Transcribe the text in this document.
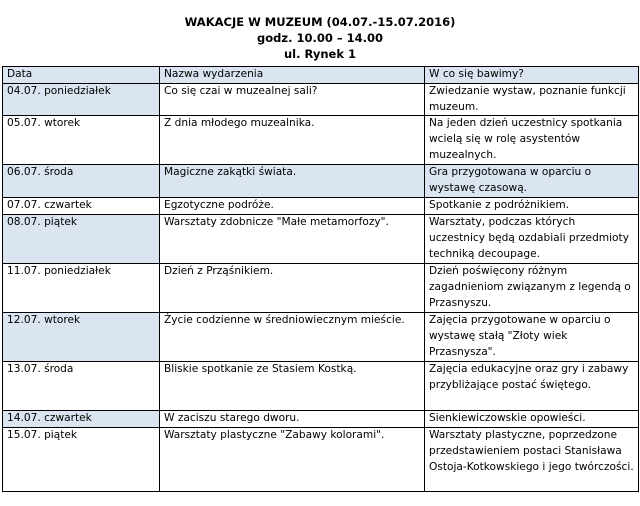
WAKACJE W MUZEUM (04.07.-15.07.2016)
godz. 10.00 – 14.00
ul. Rynek 1
Data	Nazwa wydarzenia	W co się bawimy?
04.07. poniedziałek	Co się czai w muzealnej sali?	Zwiedzanie wystaw, poznanie funkcji muzeum.
05.07. wtorek	Z dnia młodego muzealnika.	Na jeden dzień uczestnicy spotkania wcielą się w rolę asystentów muzealnych.
06.07. środa	Magiczne zakątki świata.	Gra przygotowana w oparciu o wystawę czasową.
07.07. czwartek	Egzotyczne podróże.	Spotkanie z podróżnikiem.
08.07. piątek	Warsztaty zdobnicze "Małe metamorfozy".	Warsztaty, podczas których uczestnicy będą ozdabiali przedmioty techniką decoupage.
11.07. poniedziałek	Dzień z Prząśnikiem.	Dzień poświęcony różnym zagadnieniom związanym z legendą o Przasnyszu.
12.07. wtorek	Życie codzienne w średniowiecznym mieście.	Zajęcia przygotowane w oparciu o wystawę stałą "Złoty wiek Przasnysza".
13.07. środa	Bliskie spotkanie ze Stasiem Kostką.	Zajęcia edukacyjne oraz gry i zabawy przybliżające postać świętego.
14.07. czwartek	W zaciszu starego dworu.	Sienkiewiczowskie opowieści.
15.07. piątek	Warsztaty plastyczne "Zabawy kolorami".	Warsztaty plastyczne, poprzedzone przedstawieniem postaci Stanisława Ostoja-Kotkowskiego i jego twórczości.
